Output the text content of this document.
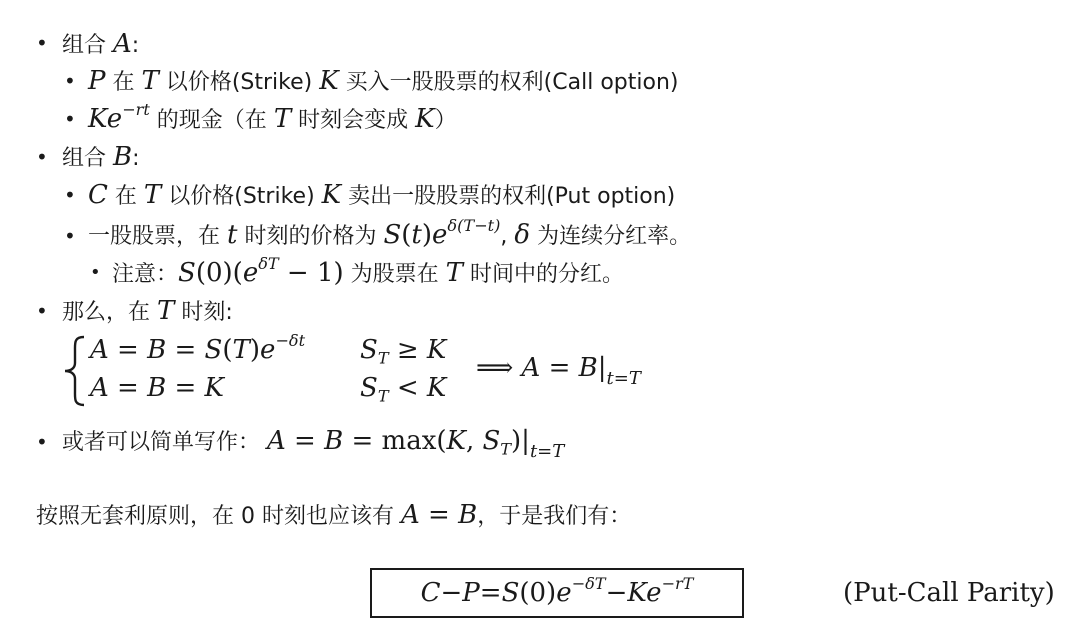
• 组合 A:
• P 在 T 以价格(Strike) K 买入一股股票的权利(Call option)
• $Ke^{-rt}$ 的现金（在 T 时刻会变成 K）
• 组合 B:
• C 在 T 以价格(Strike) K 卖出一股股票的权利(Put option)
• 一股股票，在 t 时刻的价格为 $S(t)e^{\delta(T-t)}$, δ 为连续分红率。
• 注意：$S(0)(e^{\delta T} - 1)$ 为股票在 T 时间中的分红。
• 那么，在 T 时刻:
$A = B = S(T)e^{-\delta t}$ $S_T \ge K$
A = B = K	$S_T < K$
⟹ $A = B|_{t=T}$
• 或者可以简单写作： A = B = max(K, $S_T)|_{t=T}$
按照无套利原则，在 0 时刻也应该有 A = B，于是我们有：
C − P = S (0) $e^{-\delta T} - Ke^{-rT}$	(Put-Call Parity)
